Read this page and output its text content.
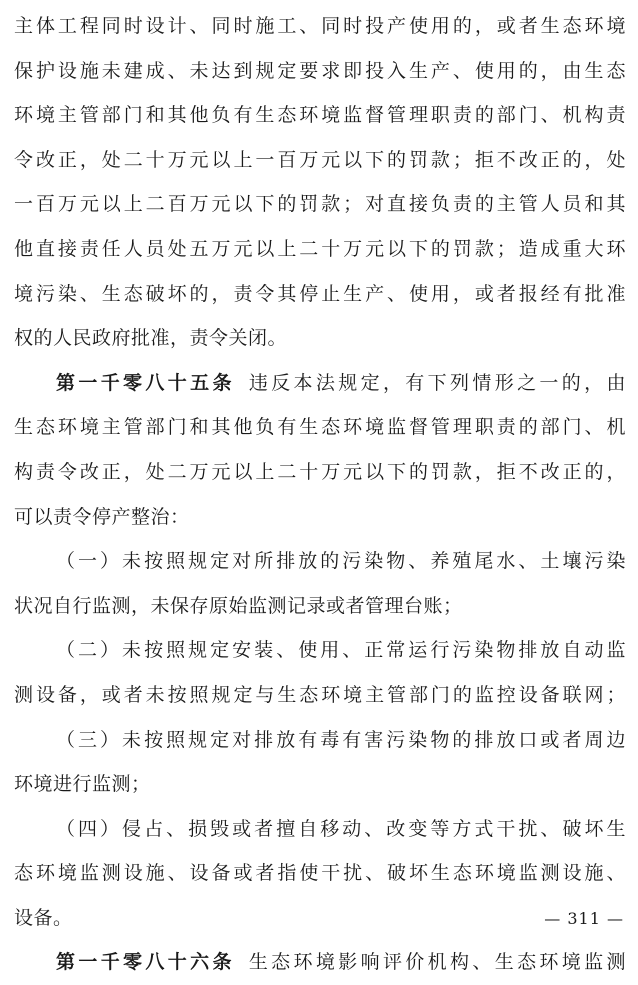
主体工程同时设计、同时施工、同时投产使用的，或者生态环境
保护设施未建成、未达到规定要求即投入生产、使用的，由生态
环境主管部门和其他负有生态环境监督管理职责的部门、机构责
令改正，处二十万元以上一百万元以下的罚款；拒不改正的，处
一百万元以上二百万元以下的罚款；对直接负责的主管人员和其
他直接责任人员处五万元以上二十万元以下的罚款；造成重大环
境污染、生态破坏的，责令其停止生产、使用，或者报经有批准
权的人民政府批准，责令关闭。
第一千零八十五条 违反本法规定，有下列情形之一的，由
生态环境主管部门和其他负有生态环境监督管理职责的部门、机
构责令改正，处二万元以上二十万元以下的罚款，拒不改正的，
可以责令停产整治：
（一）未按照规定对所排放的污染物、养殖尾水、土壤污染
状况自行监测，未保存原始监测记录或者管理台账；
（二）未按照规定安装、使用、正常运行污染物排放自动监
测设备，或者未按照规定与生态环境主管部门的监控设备联网；
（三）未按照规定对排放有毒有害污染物的排放口或者周边
环境进行监测；
（四）侵占、损毁或者擅自移动、改变等方式干扰、破坏生
态环境监测设施、设备或者指使干扰、破坏生态环境监测设施、
设备。
第一千零八十六条 生态环境影响评价机构、生态环境监测
— 311 —
